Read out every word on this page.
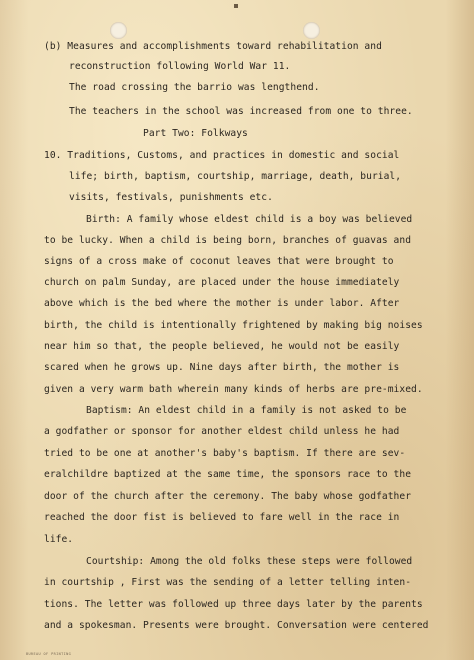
(b) Measures and accomplishments toward rehabilitation and
reconstruction following World War 11.
The road crossing the barrio was lengthend.
The teachers in the school was increased from one to three.
Part Two: Folkways
10. Traditions, Customs, and practices in domestic and social
life; birth, baptism, courtship, marriage, death, burial,
visits, festivals, punishments etc.
Birth: A family whose eldest child is a boy was believed
to be lucky. When a child is being born, branches of guavas and
signs of a cross make of coconut leaves that were brought to
church on palm Sunday, are placed under the house immediately
above which is the bed where the mother is under labor. After
birth, the child is intentionally frightened by making big noises
near him so that, the people believed, he would not be easily
scared when he grows up. Nine days after birth, the mother is
given a very warm bath wherein many kinds of herbs are pre-mixed.
Baptism: An eldest child in a family is not asked to be
a godfather or sponsor for another eldest child unless he had
tried to be one at another's baby's baptism. If there are sev-
eralchildre baptized at the same time, the sponsors race to the
door of the church after the ceremony. The baby whose godfather
reached the door fist is believed to fare well in the race in
life.
Courtship: Among the old folks these steps were followed
in courtship , First was the sending of a letter telling inten-
tions. The letter was followed up three days later by the parents
and a spokesman. Presents were brought. Conversation were centered
BUREAU OF PRINTING
